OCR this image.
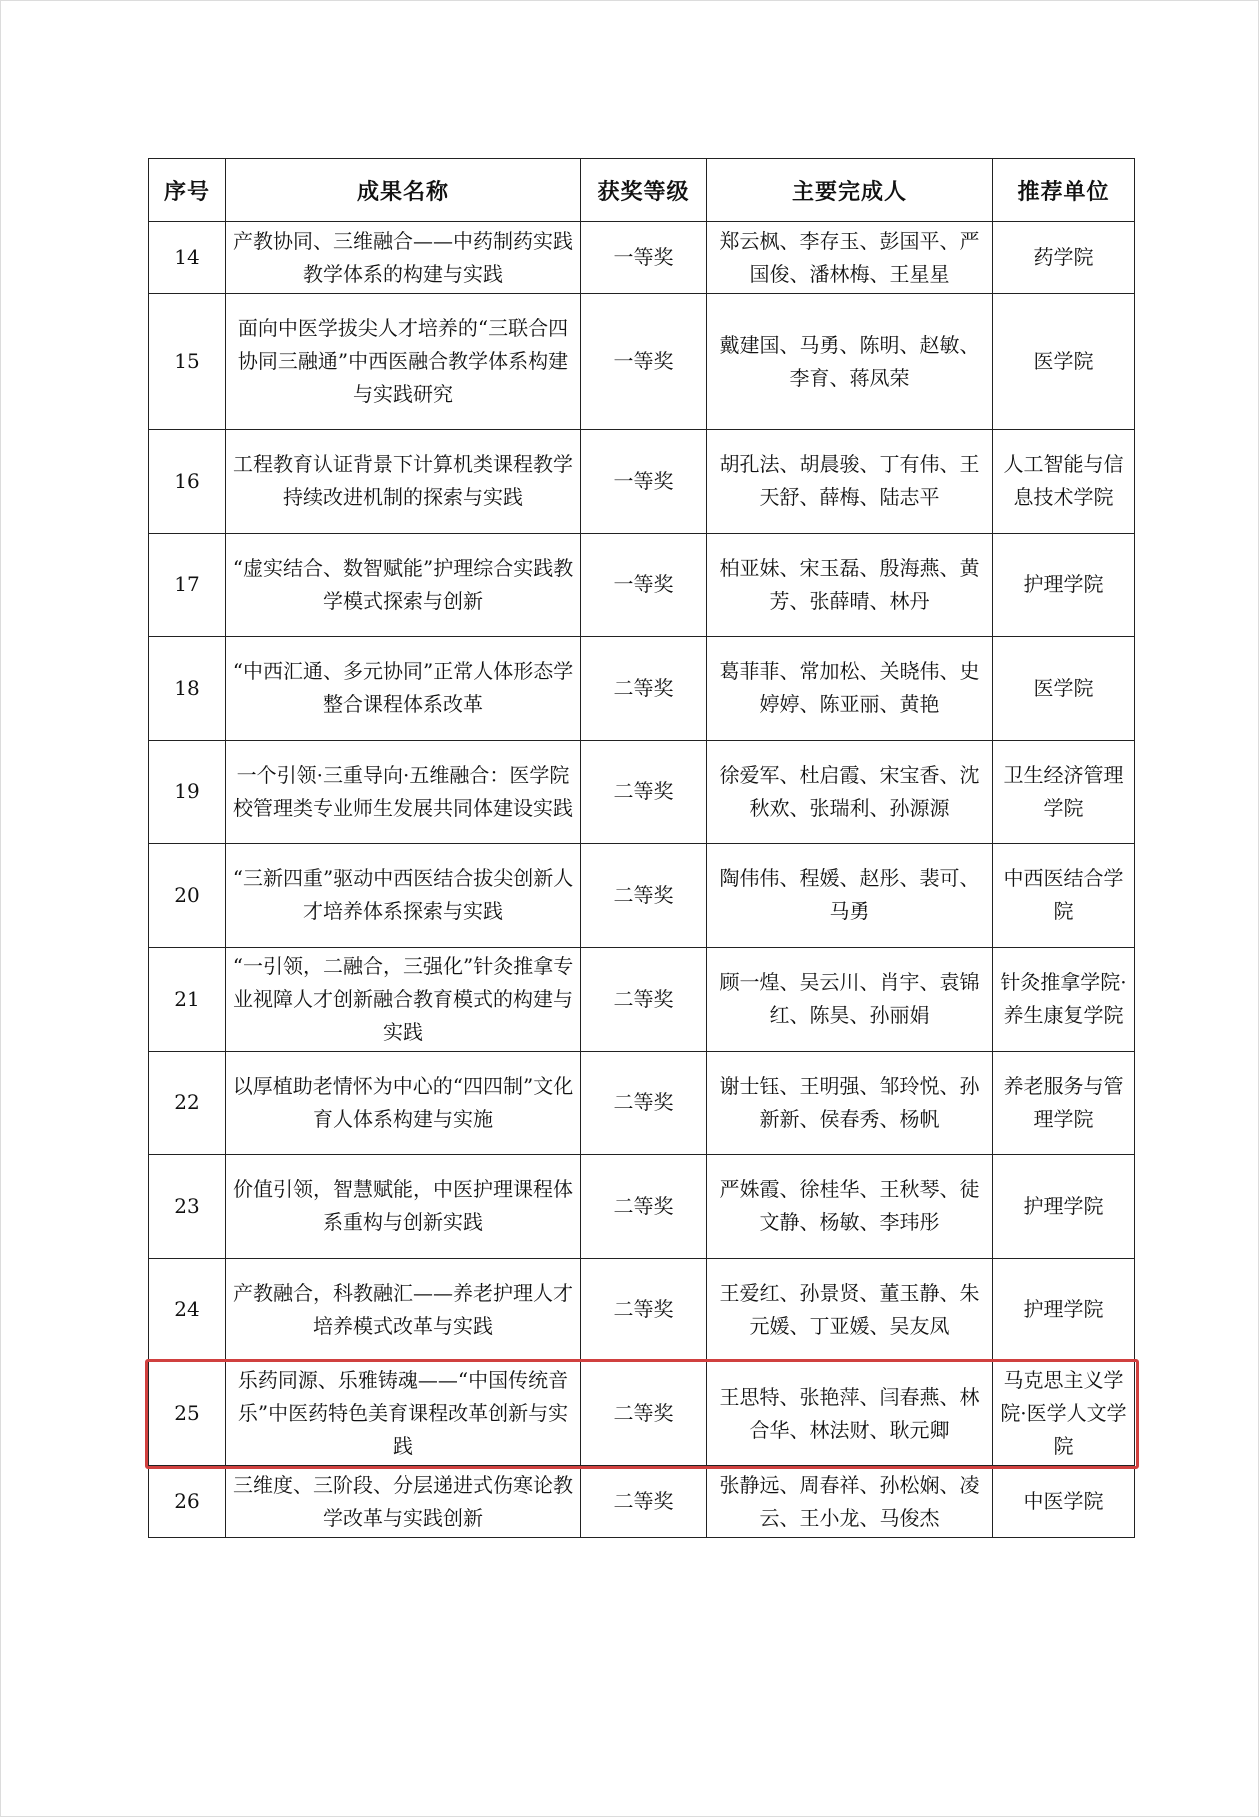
序号	成果名称	获奖等级	主要完成人	推荐单位
14	产教协同、三维融合——中药制药实践教学体系的构建与实践	一等奖	郑云枫、李存玉、彭国平、严国俊、潘林梅、王星星	药学院
15	面向中医学拔尖人才培养的“三联合四协同三融通”中西医融合教学体系构建与实践研究	一等奖	戴建国、马勇、陈明、赵敏、李育、蒋凤荣	医学院
16	工程教育认证背景下计算机类课程教学持续改进机制的探索与实践	一等奖	胡孔法、胡晨骏、丁有伟、王天舒、薛梅、陆志平	人工智能与信息技术学院
17	“虚实结合、数智赋能”护理综合实践教学模式探索与创新	一等奖	柏亚妹、宋玉磊、殷海燕、黄芳、张薛晴、林丹	护理学院
18	“中西汇通、多元协同”正常人体形态学整合课程体系改革	二等奖	葛菲菲、常加松、关晓伟、史婷婷、陈亚丽、黄艳	医学院
19	一个引领·三重导向·五维融合：医学院校管理类专业师生发展共同体建设实践	二等奖	徐爱军、杜启霞、宋宝香、沈秋欢、张瑞利、孙源源	卫生经济管理学院
20	“三新四重”驱动中西医结合拔尖创新人才培养体系探索与实践	二等奖	陶伟伟、程媛、赵彤、裴可、马勇	中西医结合学院
21	“一引领，二融合，三强化”针灸推拿专业视障人才创新融合教育模式的构建与实践	二等奖	顾一煌、吴云川、肖宇、袁锦红、陈昊、孙丽娟	针灸推拿学院·养生康复学院
22	以厚植助老情怀为中心的“四四制”文化育人体系构建与实施	二等奖	谢士钰、王明强、邹玲悦、孙新新、侯春秀、杨帆	养老服务与管理学院
23	价值引领，智慧赋能，中医护理课程体系重构与创新实践	二等奖	严姝霞、徐桂华、王秋琴、徒文静、杨敏、李玮彤	护理学院
24	产教融合，科教融汇——养老护理人才培养模式改革与实践	二等奖	王爱红、孙景贤、董玉静、朱元媛、丁亚媛、吴友凤	护理学院
25	乐药同源、乐雅铸魂——“中国传统音乐”中医药特色美育课程改革创新与实践	二等奖	王思特、张艳萍、闫春燕、林合华、林法财、耿元卿	马克思主义学院·医学人文学院
26	三维度、三阶段、分层递进式伤寒论教学改革与实践创新	二等奖	张静远、周春祥、孙松娴、凌云、王小龙、马俊杰	中医学院
